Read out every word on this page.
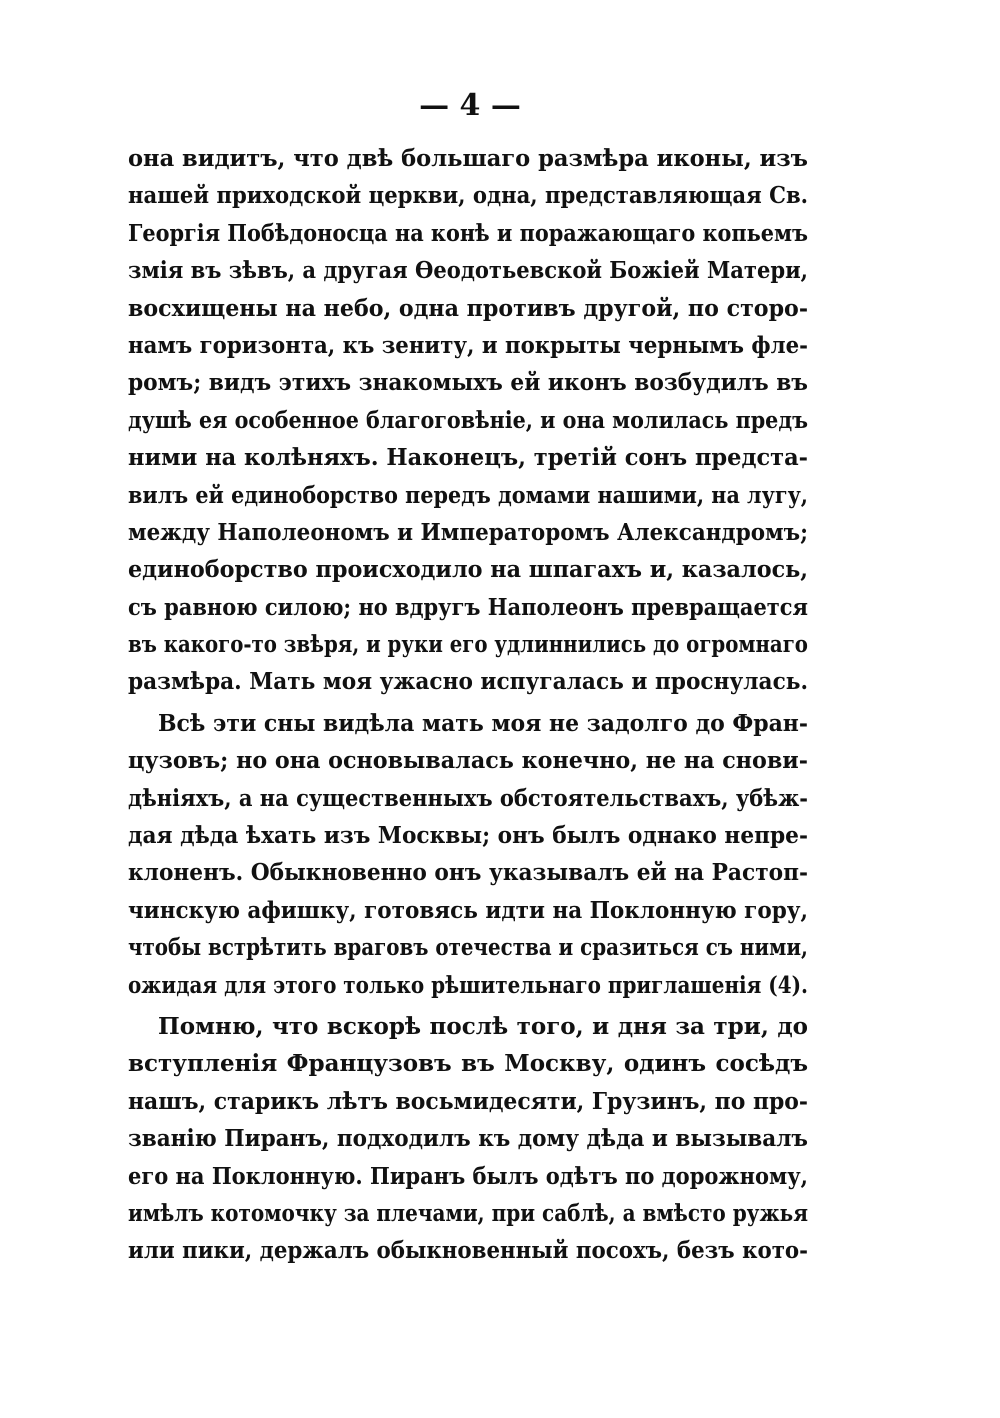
— 4 —
она видитъ, что двѣ большаго размѣра иконы, изъ
нашей приходской церкви, одна, представляющая Св.
Георгія Побѣдоносца на конѣ и поражающаго копьемъ
змія въ зѣвъ, а другая Ѳеодотьевской Божіей Матери,
восхищены на небо, одна противъ другой, по сторо-
намъ горизонта, къ зениту, и покрыты чернымъ фле-
ромъ; видъ этихъ знакомыхъ ей иконъ возбудилъ въ
душѣ ея особенное благоговѣніе, и она молилась предъ
ними на колѣняхъ. Наконецъ, третій сонъ предста-
вилъ ей единоборство передъ домами нашими, на лугу,
между Наполеономъ и Императоромъ Александромъ;
единоборство происходило на шпагахъ и, казалось,
съ равною силою; но вдругъ Наполеонъ превращается
въ какого-то звѣря, и руки его удлиннились до огромнаго
размѣра. Мать моя ужасно испугалась и проснулась.
Всѣ эти сны видѣла мать моя не задолго до Фран-
цузовъ; но она основывалась конечно, не на снови-
дѣніяхъ, а на существенныхъ обстоятельствахъ, убѣж-
дая дѣда ѣхать изъ Москвы; онъ былъ однако непре-
клоненъ. Обыкновенно онъ указывалъ ей на Растоп-
чинскую афишку, готовясь идти на Поклонную гору,
чтобы встрѣтить враговъ отечества и сразиться съ ними,
ожидая для этого только рѣшительнаго приглашенія (4).
Помню, что вскорѣ послѣ того, и дня за три, до
вступленія Французовъ въ Москву, одинъ сосѣдъ
нашъ, старикъ лѣтъ восьмидесяти, Грузинъ, по про-
званію Пиранъ, подходилъ къ дому дѣда и вызывалъ
его на Поклонную. Пиранъ былъ одѣтъ по дорожному,
имѣлъ котомочку за плечами, при саблѣ, а вмѣсто ружья
или пики, держалъ обыкновенный посохъ, безъ кото-
